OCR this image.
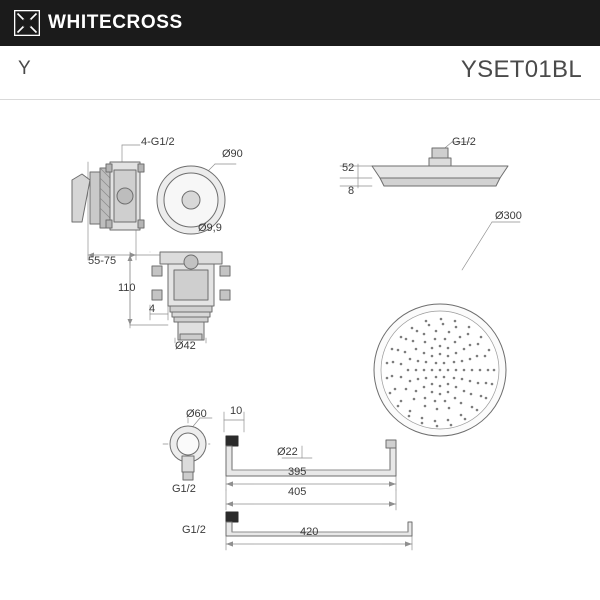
WHITECROSS
Y	YSET01BL
4-G1/2
Ø90
Ø9,9
55-75
110
4
Ø42
G1/2
52
8
Ø300
Ø60 10
Ø22
G1/2
395
405
G1/2	420
